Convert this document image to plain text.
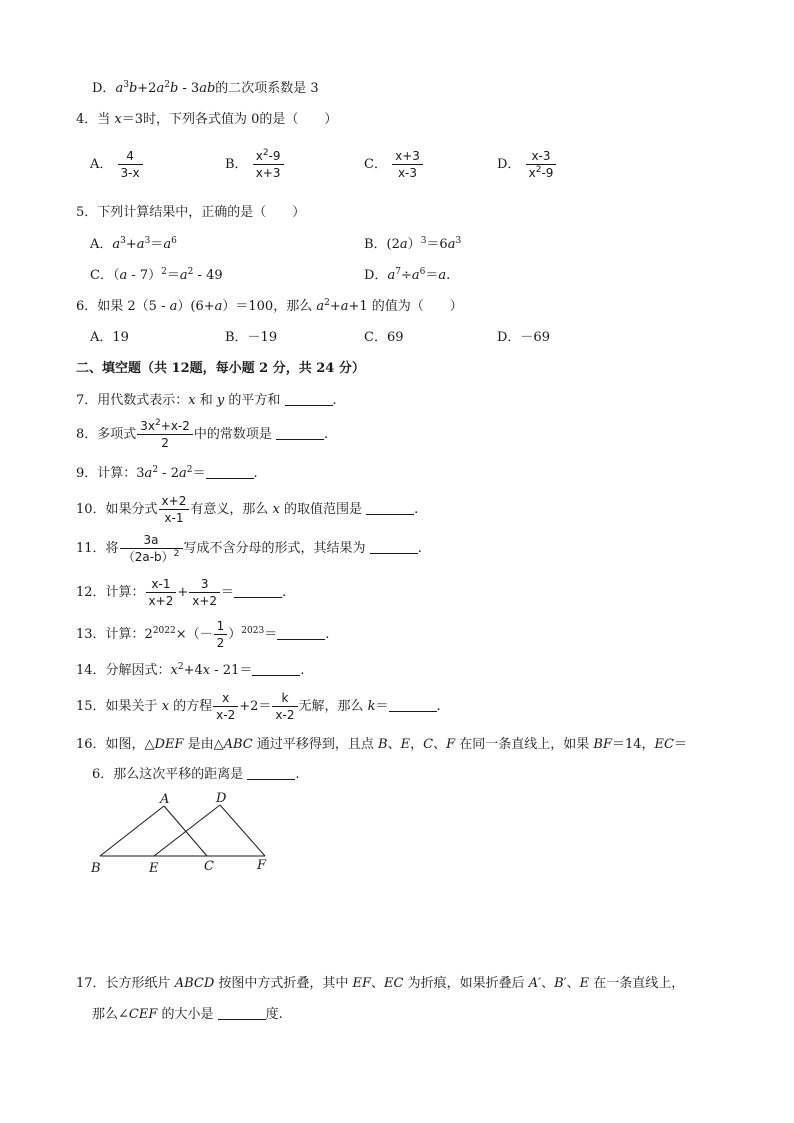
D．$a^3b+2a^2b - 3ab$的二次项系数是 3
4．当 x＝3时，下列各式值为 0的是（　　）
A． $\frac{4}{3-x}$	B． $\frac{x^2-9}{x+3}$	C． $\frac{x+3}{x-3}$	D． $\frac{x-3}{x^2-9}$
5．下列计算结果中，正确的是（　　）
A．$a^3+a^3=a^6$	B．$(2a)^3=6a^3$
C．$(a - 7)^2=a^2 - 49$	D．$a^7\div a^6=a$.
6．如果 2（5 - a）(6+a）＝100，那么 $a^2+a+1$ 的值为（　　）
A．19	B．－19	C．69	D．－69
二、填空题（共 12题，每小题 2 分，共 24 分）
7．用代数式表示：x 和 y 的平方和	.
8．多项式 $\frac{3x^2+x-2}{2}$ 中的常数项是	.
9．计算：$3a^2 - 2a^2=$	.
10．如果分式 $\frac{x+2}{x-1}$ 有意义，那么 x 的取值范围是	.
11．将 $\frac{3a}{(2a-b)^2}$ 写成不含分母的形式，其结果为	.
12．计算： $\frac{x-1}{x+2} + \frac{3}{x+2}$ ＝	.
13．计算：$2^{2022}\times(- \frac{1}{2} )^{2023}=$	.
14．分解因式：$x^2+4x - 21=$	.
15．如果关于 x 的方程 $\frac{x}{x-2} +2= \frac{k}{x-2}$ 无解，那么 k＝	.
16．如图，△DEF 是由△ABC 通过平移得到，且点 B、E，C、F 在同一条直线上，如果 BF＝14，EC＝
6．那么这次平移的距离是	.
A	D
B	E	C	F
17．长方形纸片 ABCD 按图中方式折叠，其中 EF、EC 为折痕，如果折叠后 A′、B′、E 在一条直线上，
那么∠CEF 的大小是	度.
